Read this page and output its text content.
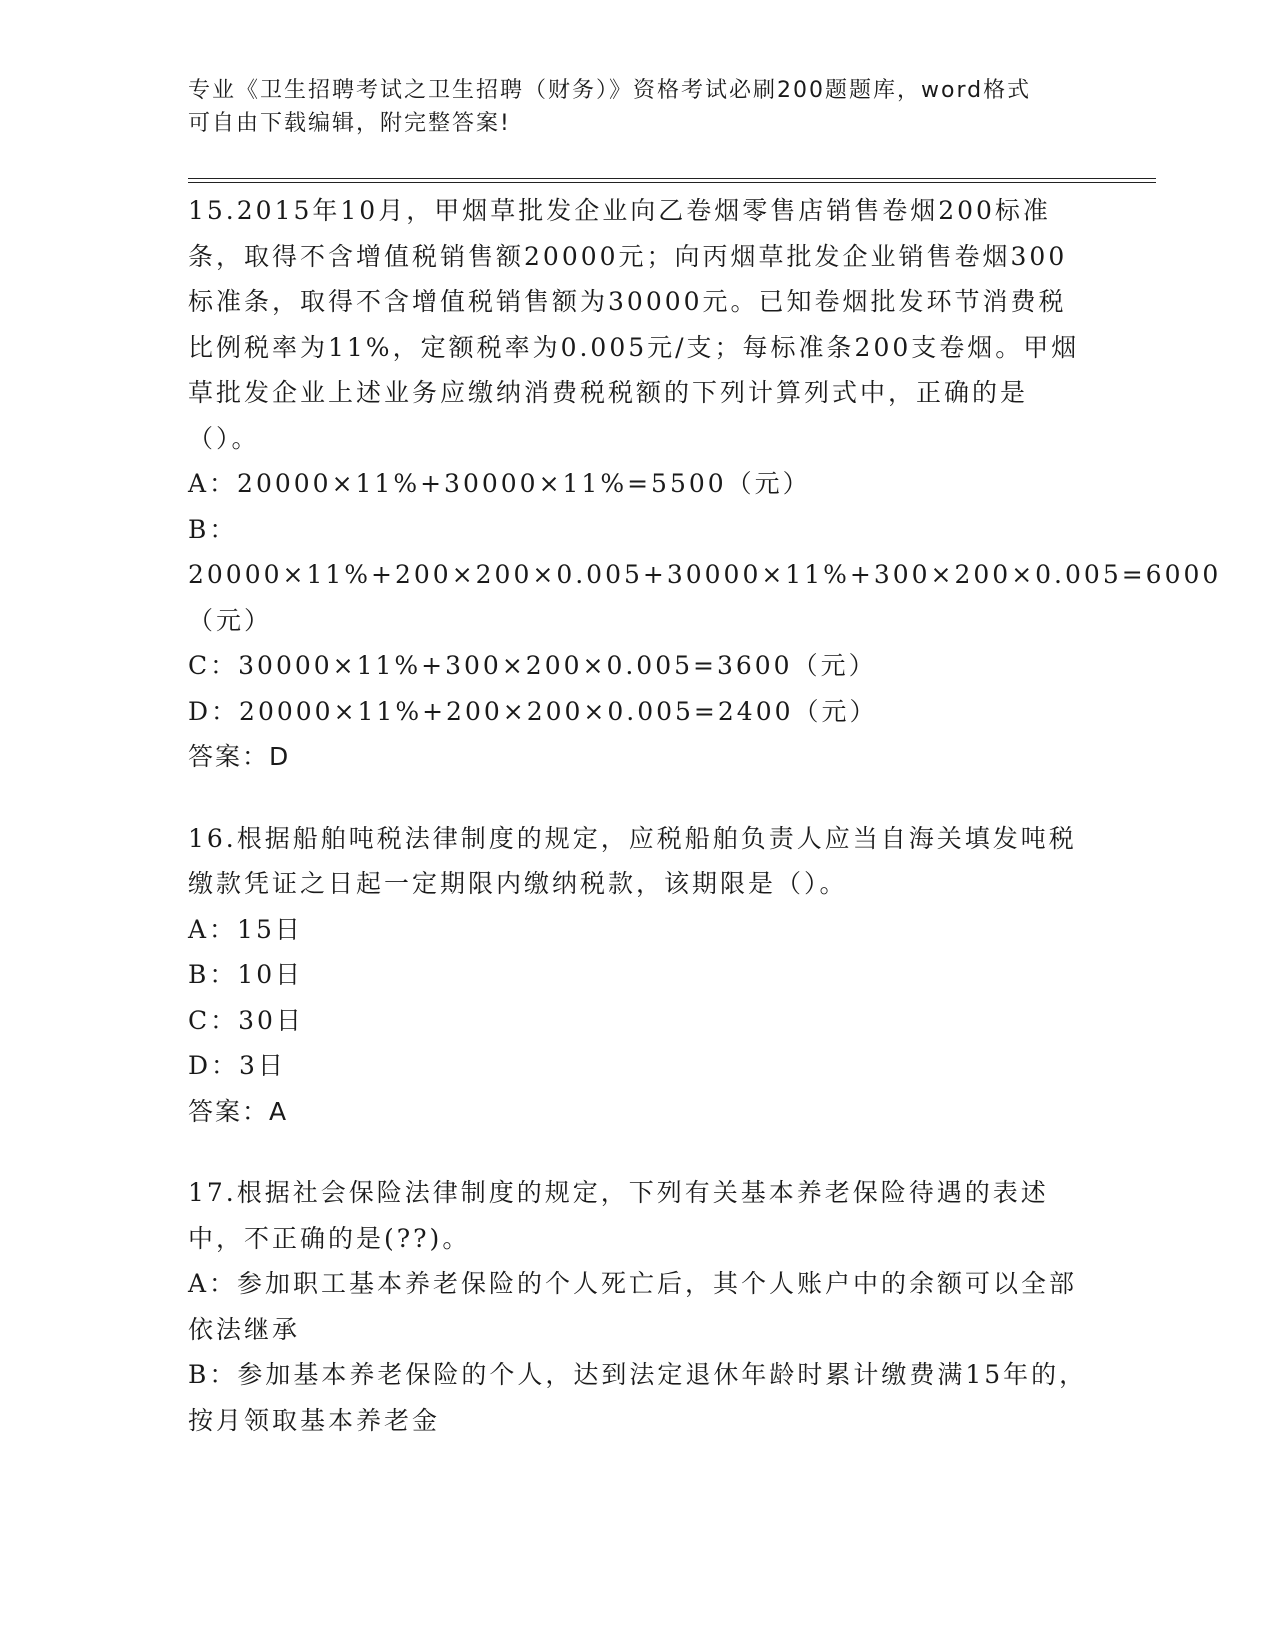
专业《卫生招聘考试之卫生招聘（财务）》资格考试必刷200题题库，word格式
可自由下载编辑，附完整答案!

15.2015年10月，甲烟草批发企业向乙卷烟零售店销售卷烟200标准条，取得不含增值税销售额20000元；向丙烟草批发企业销售卷烟300标准条，取得不含增值税销售额为30000元。已知卷烟批发环节消费税比例税率为11%，定额税率为0.005元/支；每标准条200支卷烟。甲烟草批发企业上述业务应缴纳消费税税额的下列计算列式中，正确的是（）。

A：20000×11%+30000×11%=5500（元）

B：20000×11%+200×200×0.005+30000×11%+300×200×0.005=6000（元）

C：30000×11%+300×200×0.005=3600（元）

D：20000×11%+200×200×0.005=2400（元）

答案：D

16.根据船舶吨税法律制度的规定，应税船舶负责人应当自海关填发吨税缴款凭证之日起一定期限内缴纳税款，该期限是（）。

A：15日

B：10日

C：30日

D：3日

答案：A

17.根据社会保险法律制度的规定，下列有关基本养老保险待遇的表述中，不正确的是(??)。

A：参加职工基本养老保险的个人死亡后，其个人账户中的余额可以全部依法继承

B：参加基本养老保险的个人，达到法定退休年龄时累计缴费满15年的，按月领取基本养老金
